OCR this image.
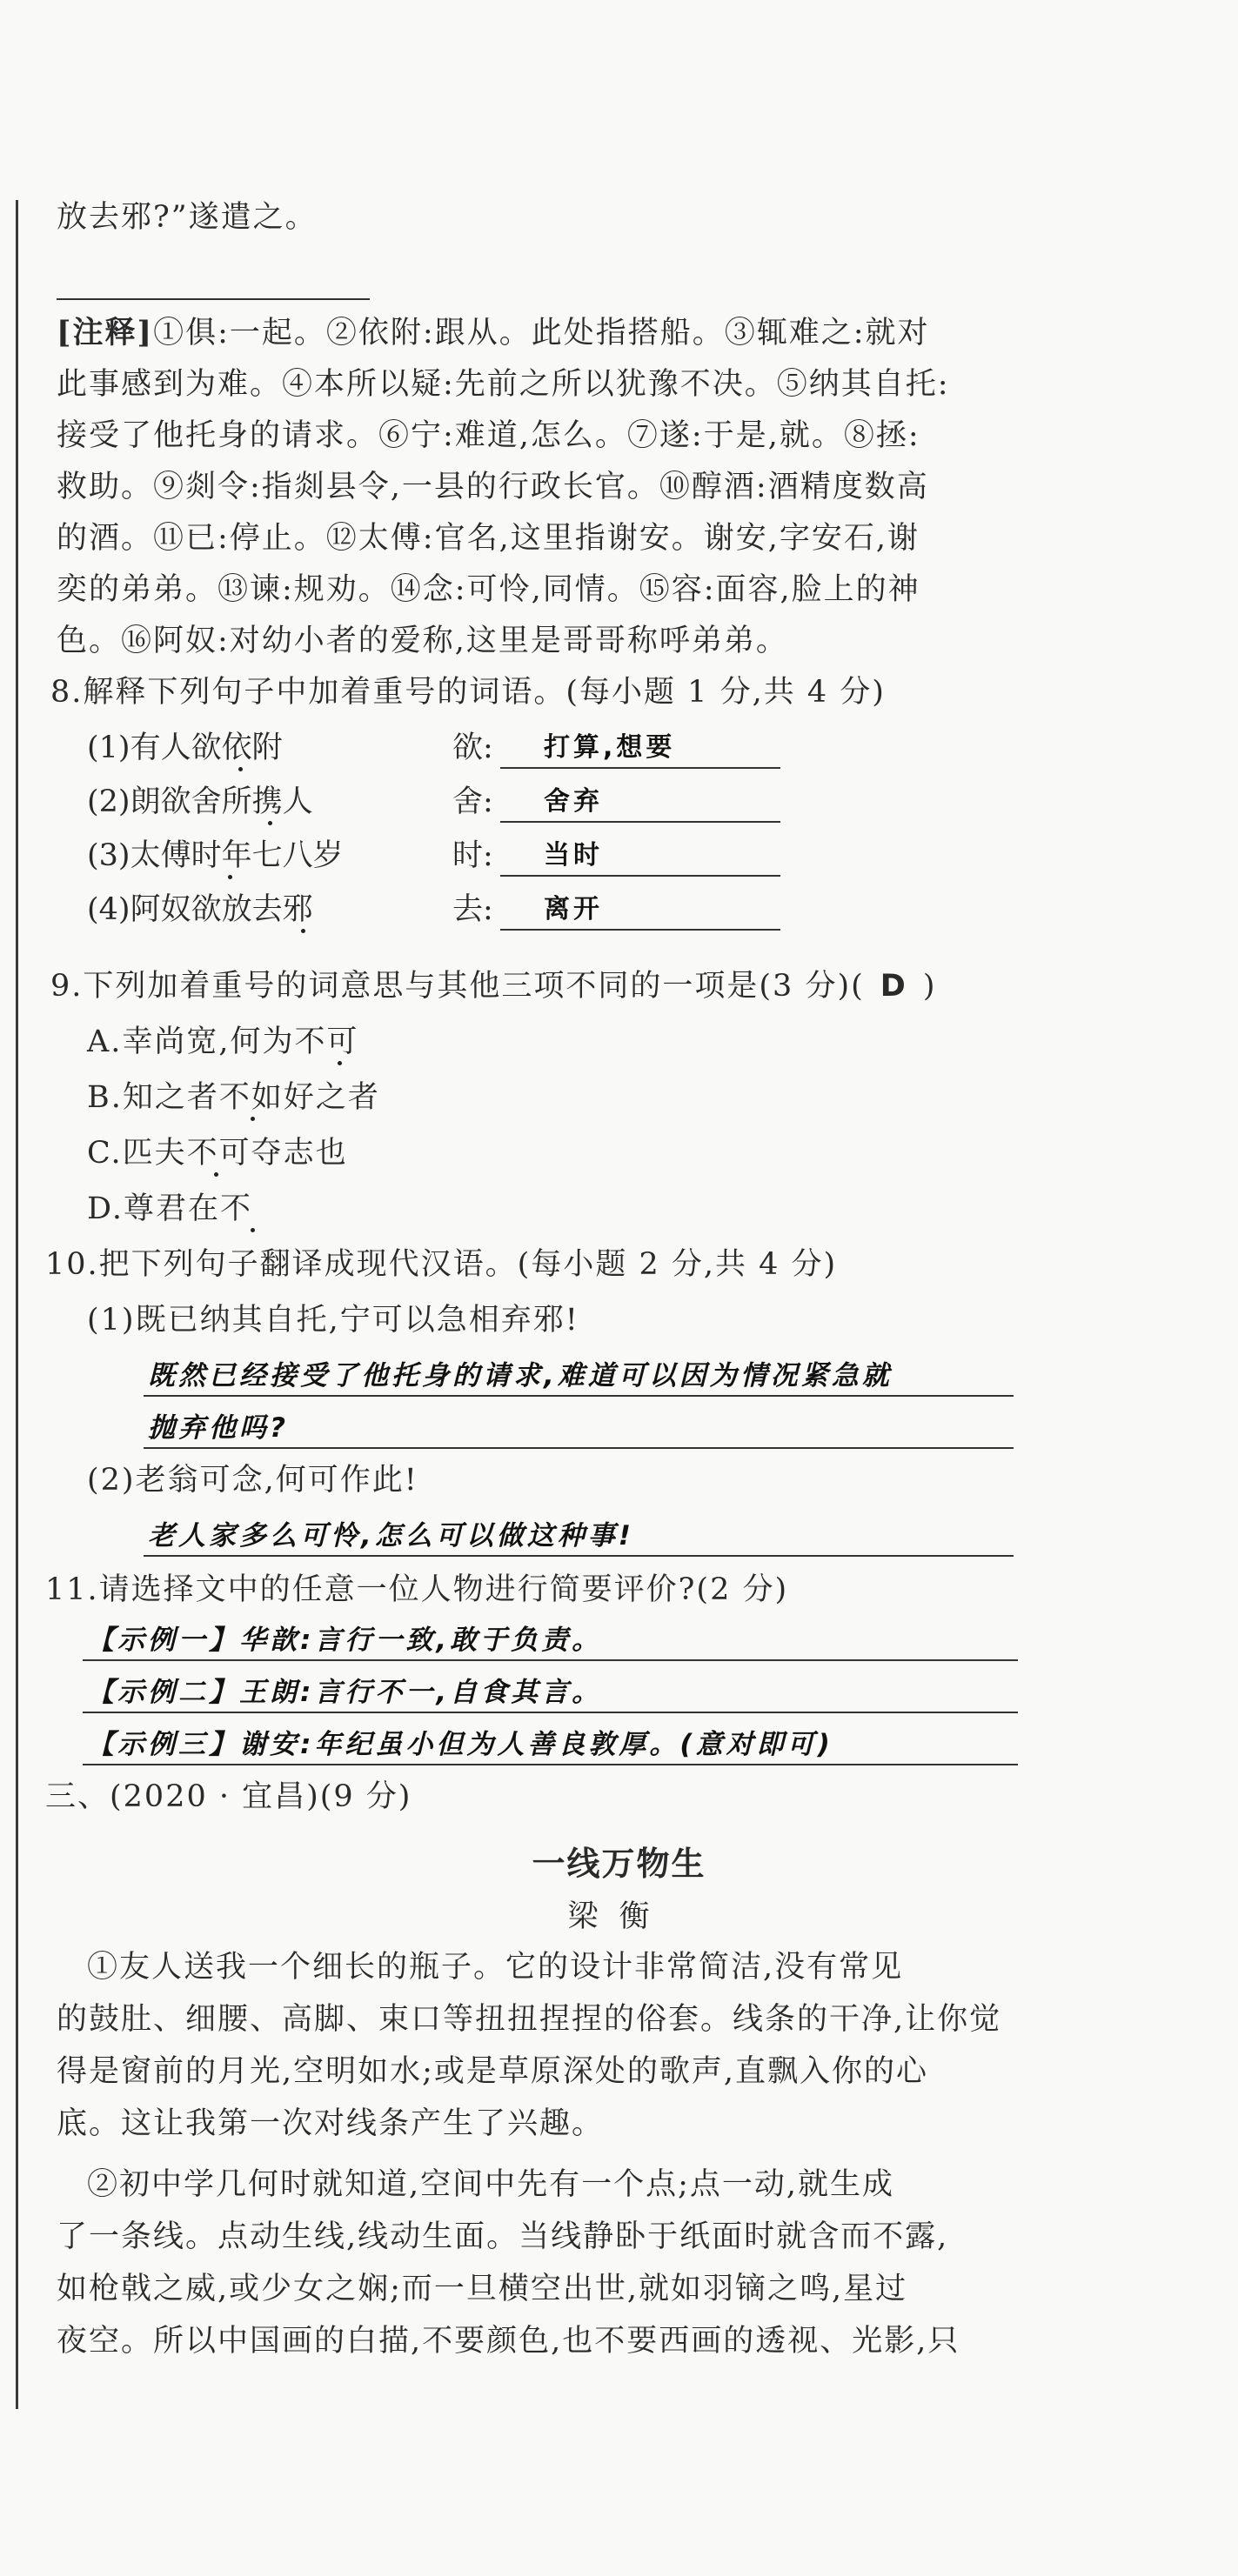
放去邪?”遂遣之。
[注释]①俱:一起。②依附:跟从。此处指搭船。③辄难之:就对
此事感到为难。④本所以疑:先前之所以犹豫不决。⑤纳其自托:
接受了他托身的请求。⑥宁:难道,怎么。⑦遂:于是,就。⑧拯:
救助。⑨剡令:指剡县令,一县的行政长官。⑩醇酒:酒精度数高
的酒。⑪已:停止。⑫太傅:官名,这里指谢安。谢安,字安石,谢
奕的弟弟。⑬谏:规劝。⑭念:可怜,同情。⑮容:面容,脸上的神
色。⑯阿奴:对幼小者的爱称,这里是哥哥称呼弟弟。
8.解释下列句子中加着重号的词语。(每小题 1 分,共 4 分)
(1)有人欲依附	欲:	打算,想要
(2)朗欲舍所携人	舍:	舍弃
(3)太傅时年七八岁	时:	当时
(4)阿奴欲放去邪	去:	离开
9.下列加着重号的词意思与其他三项不同的一项是(3 分)( D )
A.幸尚宽,何为不可
B.知之者不如好之者
C.匹夫不可夺志也
D.尊君在不
10.把下列句子翻译成现代汉语。(每小题 2 分,共 4 分)
(1)既已纳其自托,宁可以急相弃邪!
既然已经接受了他托身的请求,难道可以因为情况紧急就
抛弃他吗?
(2)老翁可念,何可作此!
老人家多么可怜,怎么可以做这种事!
11.请选择文中的任意一位人物进行简要评价?(2 分)
【示例一】华歆:言行一致,敢于负责。
【示例二】王朗:言行不一,自食其言。
【示例三】谢安:年纪虽小但为人善良敦厚。(意对即可)
三、(2020 · 宜昌)(9 分)
一线万物生
梁衡
①友人送我一个细长的瓶子。它的设计非常简洁,没有常见
的鼓肚、细腰、高脚、束口等扭扭捏捏的俗套。线条的干净,让你觉
得是窗前的月光,空明如水;或是草原深处的歌声,直飘入你的心
底。这让我第一次对线条产生了兴趣。
②初中学几何时就知道,空间中先有一个点;点一动,就生成
了一条线。点动生线,线动生面。当线静卧于纸面时就含而不露,
如枪戟之威,或少女之娴;而一旦横空出世,就如羽镝之鸣,星过
夜空。所以中国画的白描,不要颜色,也不要西画的透视、光影,只
